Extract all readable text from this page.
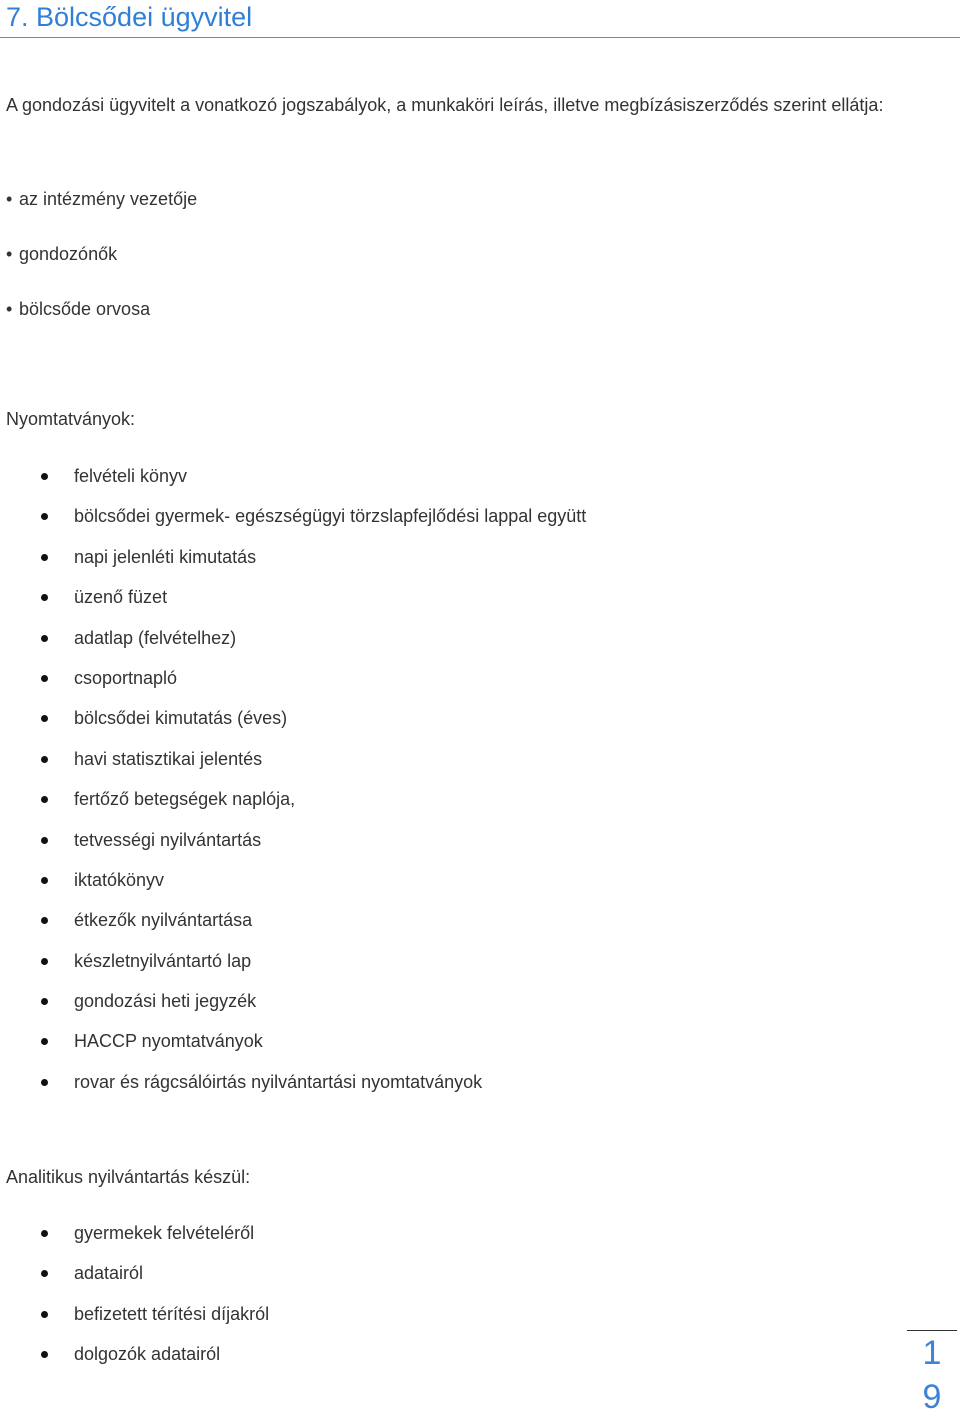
7. Bölcsődei ügyvitel

A gondozási ügyvitelt a vonatkozó jogszabályok, a munkaköri leírás, illetve megbízásiszerződés szerint ellátja:

• az intézmény vezetője
• gondozónők
• bölcsőde orvosa

Nyomtatványok:

felvételi könyv
bölcsődei gyermek- egészségügyi törzslapfejlődési lappal együtt
napi jelenléti kimutatás
üzenő füzet
adatlap (felvételhez)
csoportnapló
bölcsődei kimutatás (éves)
havi statisztikai jelentés
fertőző betegségek naplója,
tetvességi nyilvántartás
iktatókönyv
étkezők nyilvántartása
készletnyilvántartó lap
gondozási heti jegyzék
HACCP nyomtatványok
rovar és rágcsálóirtás nyilvántartási nyomtatványok

Analitikus nyilvántartás készül:

gyermekek felvételéről
adatairól
befizetett térítési díjakról
dolgozók adatairól	1
9
